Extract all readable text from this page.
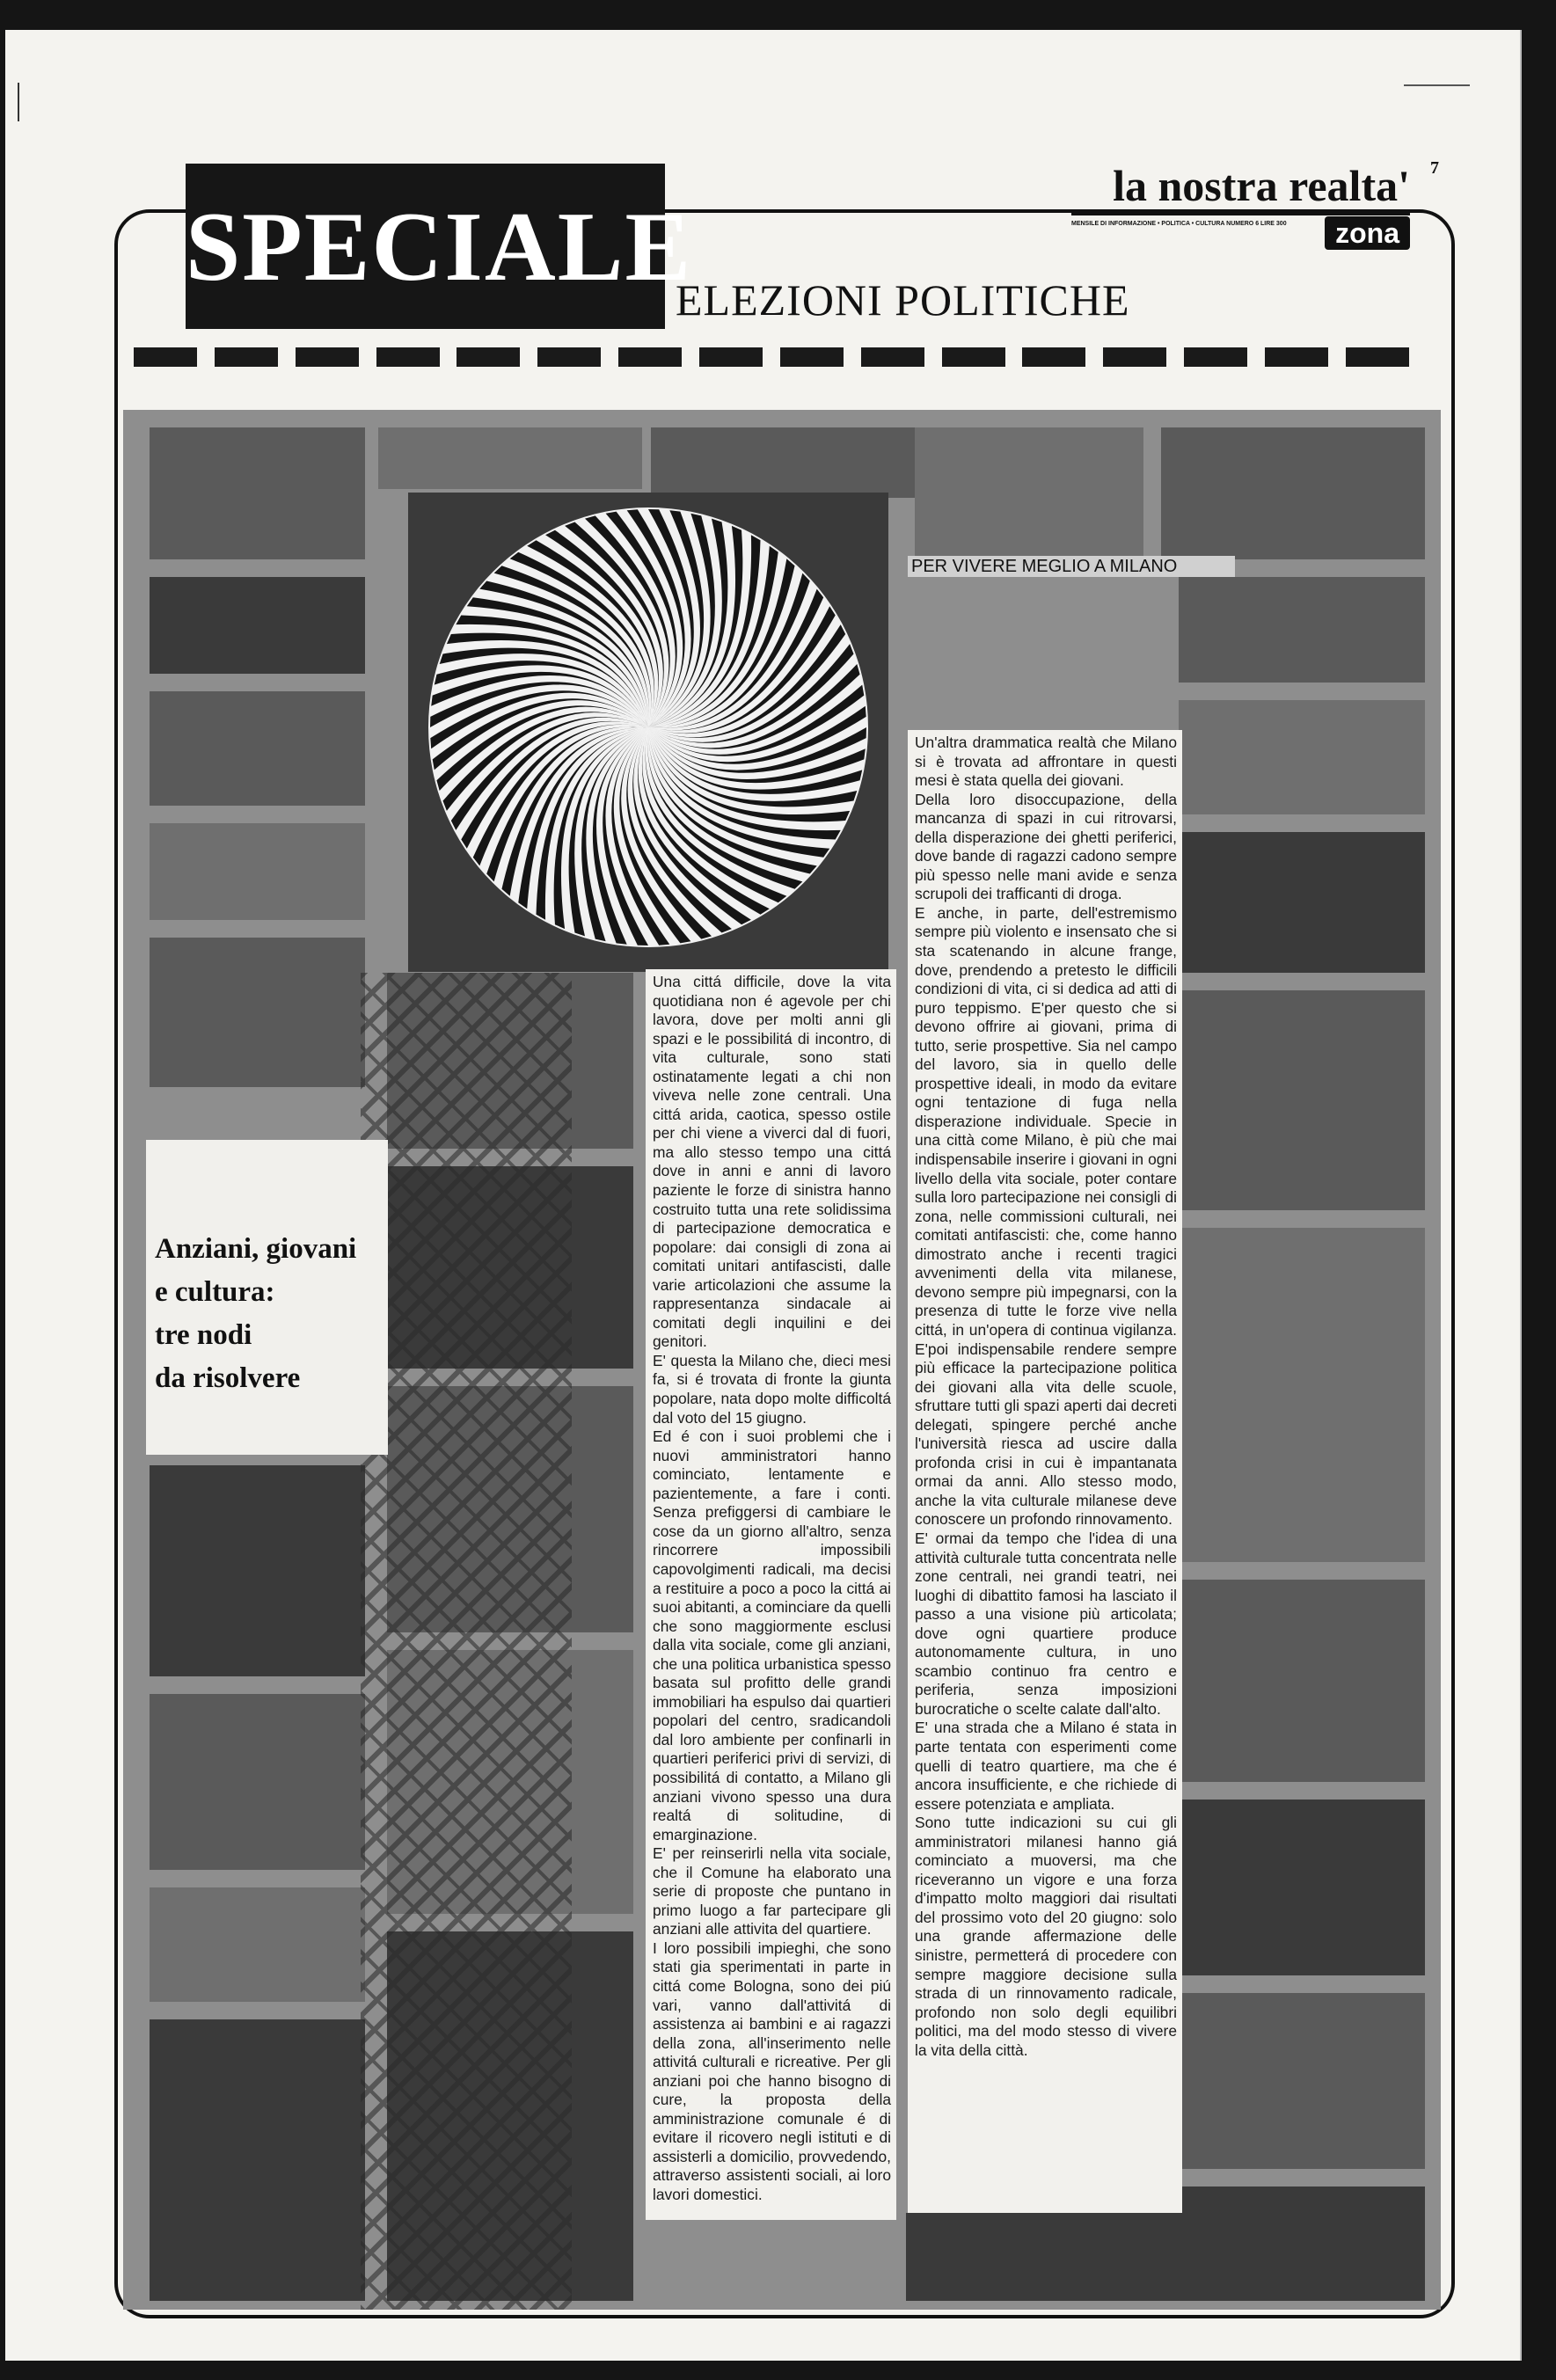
7
la nostra realta'
MENSILE DI INFORMAZIONE • POLITICA • CULTURA NUMERO 6 LIRE 300	zona
SPECIALE
ELEZIONI POLITICHE
Anziani, giovani
e cultura:
tre nodi
da risolvere

Una cittá difficile, dove la vita quotidiana non é agevole per chi lavora, dove per molti anni gli spazi e le possibilitá di incontro, di vita culturale, sono stati ostinatamente legati a chi non viveva nelle zone centrali. Una cittá arida, caotica, spesso ostile per chi viene a viverci dal di fuori, ma allo stesso tempo una cittá dove in anni e anni di lavoro paziente le forze di sinistra hanno costruito tutta una rete solidissima di partecipazione democratica e popolare: dai consigli di zona ai comitati unitari antifascisti, dalle varie articolazioni che assume la rappresentanza sindacale ai comitati degli inquilini e dei genitori.

E' questa la Milano che, dieci mesi fa, si é trovata di fronte la giunta popolare, nata dopo molte difficoltá dal voto del 15 giugno.

Ed é con i suoi problemi che i nuovi amministratori hanno cominciato, lentamente e pazientemente, a fare i conti. Senza prefiggersi di cambiare le cose da un giorno all'altro, senza rincorrere impossibili capovolgimenti radicali, ma decisi a restituire a poco a poco la cittá ai suoi abitanti, a cominciare da quelli che sono maggiormente esclusi dalla vita sociale, come gli anziani, che una politica urbanistica spesso basata sul profitto delle grandi immobiliari ha espulso dai quartieri popolari del centro, sradicandoli dal loro ambiente per confinarli in quartieri periferici privi di servizi, di possibilitá di contatto, a Milano gli anziani vivono spesso una dura realtá di solitudine, di emarginazione.

E' per reinserirli nella vita sociale, che il Comune ha elaborato una serie di proposte che puntano in primo luogo a far partecipare gli anziani alle attivita del quartiere.

I loro possibili impieghi, che sono stati gia sperimentati in parte in cittá come Bologna, sono dei piú vari, vanno dall'attivitá di assistenza ai bambini e ai ragazzi della zona, all'inserimento nelle attivitá culturali e ricreative. Per gli anziani poi che hanno bisogno di cure, la proposta della amministrazione comunale é di evitare il ricovero negli istituti e di assisterli a domicilio, provvedendo, attraverso assistenti sociali, ai loro lavori domestici.

PER VIVERE MEGLIO A MILANO

Un'altra drammatica realtà che Milano si è trovata ad affrontare in questi mesi è stata quella dei giovani.

Della loro disoccupazione, della mancanza di spazi in cui ritrovarsi, della disperazione dei ghetti periferici, dove bande di ragazzi cadono sempre più spesso nelle mani avide e senza scrupoli dei trafficanti di droga.

E anche, in parte, dell'estremismo sempre più violento e insensato che si sta scatenando in alcune frange, dove, prendendo a pretesto le difficili condizioni di vita, ci si dedica ad atti di puro teppismo. E'per questo che si devono offrire ai giovani, prima di tutto, serie prospettive. Sia nel campo del lavoro, sia in quello delle prospettive ideali, in modo da evitare ogni tentazione di fuga nella disperazione individuale. Specie in una città come Milano, è più che mai indispensabile inserire i giovani in ogni livello della vita sociale, poter contare sulla loro partecipazione nei consigli di zona, nelle commissioni culturali, nei comitati antifascisti: che, come hanno dimostrato anche i recenti tragici avvenimenti della vita milanese, devono sempre più impegnarsi, con la presenza di tutte le forze vive nella cittá, in un'opera di continua vigilanza. E'poi indispensabile rendere sempre più efficace la partecipazione politica dei giovani alla vita delle scuole, sfruttare tutti gli spazi aperti dai decreti delegati, spingere perché anche l'università riesca ad uscire dalla profonda crisi in cui è impantanata ormai da anni. Allo stesso modo, anche la vita culturale milanese deve conoscere un profondo rinnovamento.

E' ormai da tempo che l'idea di una attività culturale tutta concentrata nelle zone centrali, nei grandi teatri, nei luoghi di dibattito famosi ha lasciato il passo a una visione più articolata; dove ogni quartiere produce autonomamente cultura, in uno scambio continuo fra centro e periferia, senza imposizioni burocratiche o scelte calate dall'alto.

E' una strada che a Milano é stata in parte tentata con esperimenti come quelli di teatro quartiere, ma che é ancora insufficiente, e che richiede di essere potenziata e ampliata.

Sono tutte indicazioni su cui gli amministratori milanesi hanno giá cominciato a muoversi, ma che riceveranno un vigore e una forza d'impatto molto maggiori dai risultati del prossimo voto del 20 giugno: solo una grande affermazione delle sinistre, permetterá di procedere con sempre maggiore decisione sulla strada di un rinnovamento radicale, profondo non solo degli equilibri politici, ma del modo stesso di vivere la vita della città.
